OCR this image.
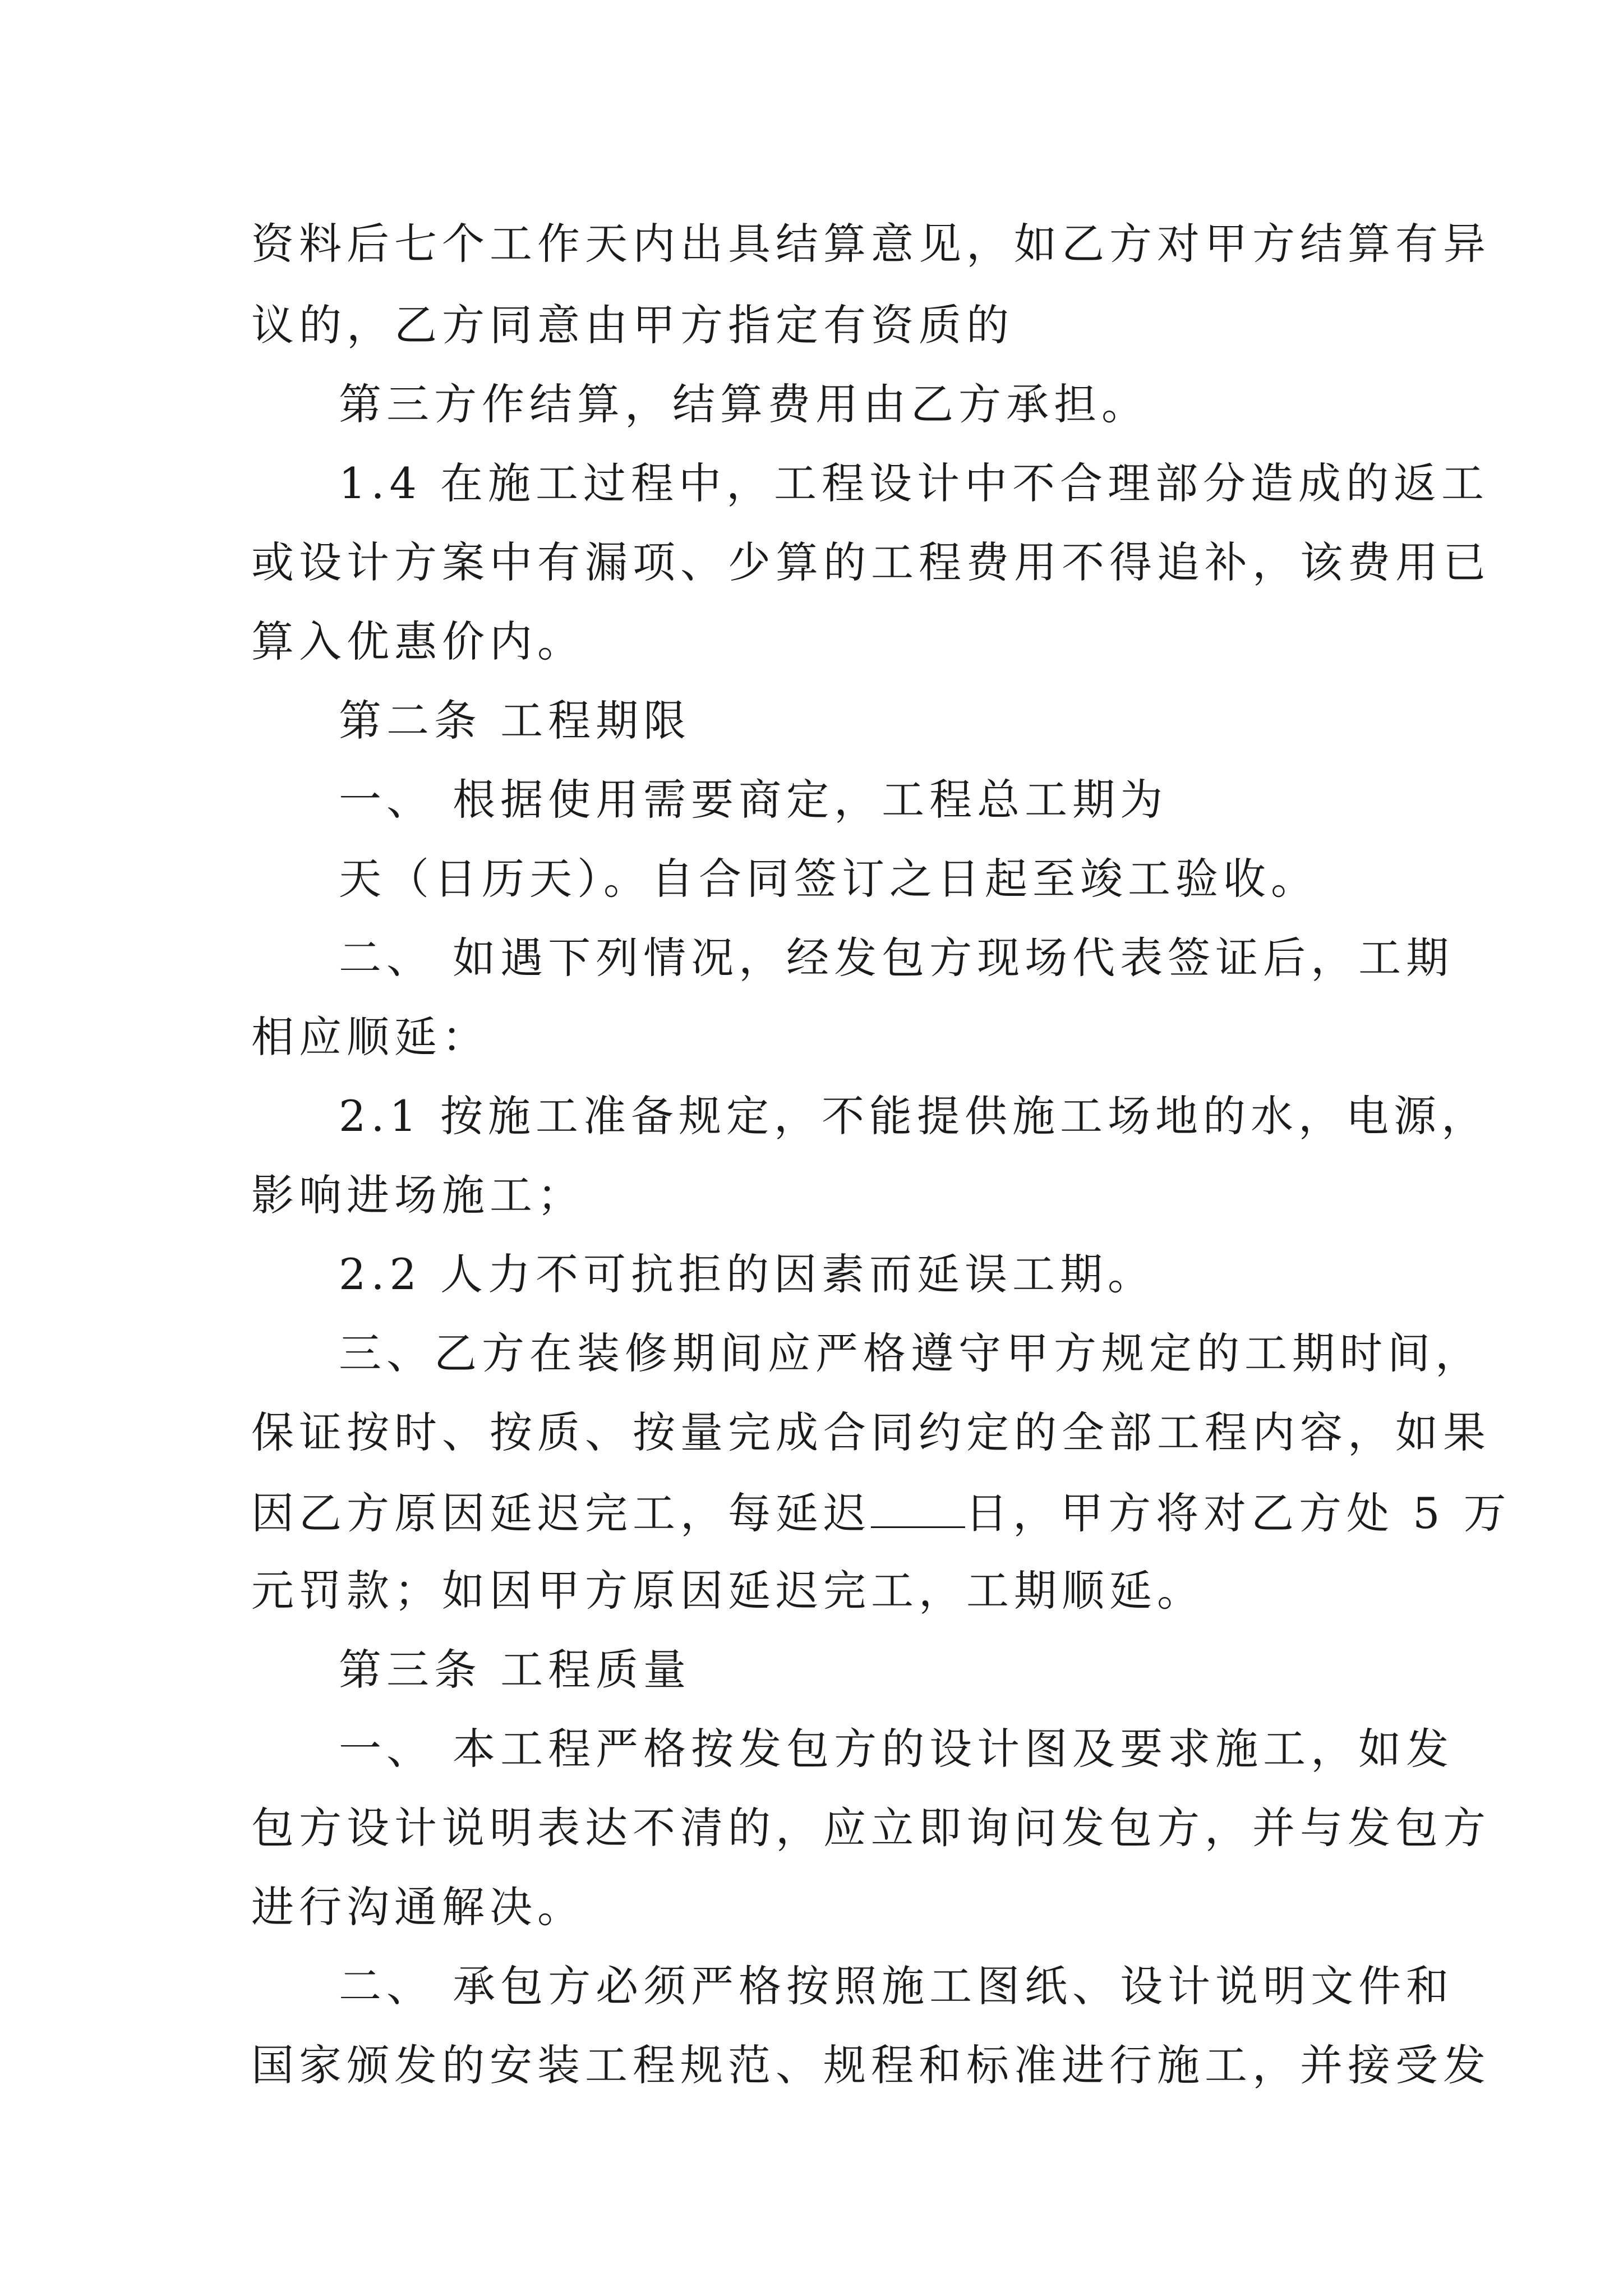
资料后七个工作天内出具结算意见，如乙方对甲方结算有异
议的，乙方同意由甲方指定有资质的
第三方作结算，结算费用由乙方承担。
1.4 在施工过程中，工程设计中不合理部分造成的返工
或设计方案中有漏项、少算的工程费用不得追补，该费用已
算入优惠价内。
第二条 工程期限
一、 根据使用需要商定，工程总工期为
天（日历天）。自合同签订之日起至竣工验收。
二、 如遇下列情况，经发包方现场代表签证后，工期
相应顺延：
2.1 按施工准备规定，不能提供施工场地的水，电源，
影响进场施工；
2.2 人力不可抗拒的因素而延误工期。
三、乙方在装修期间应严格遵守甲方规定的工期时间，
保证按时、按质、按量完成合同约定的全部工程内容，如果
因乙方原因延迟完工，每延迟 日，甲方将对乙方处 5 万
元罚款；如因甲方原因延迟完工，工期顺延。
第三条 工程质量
一、 本工程严格按发包方的设计图及要求施工，如发
包方设计说明表达不清的，应立即询问发包方，并与发包方
进行沟通解决。
二、 承包方必须严格按照施工图纸、设计说明文件和
国家颁发的安装工程规范、规程和标准进行施工，并接受发
